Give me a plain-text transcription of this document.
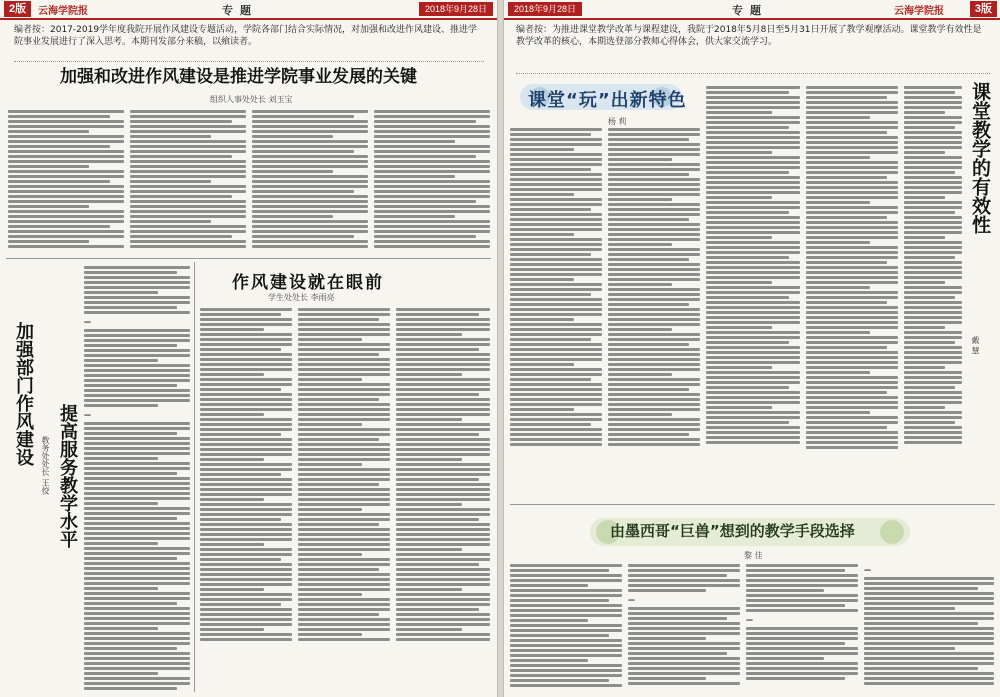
2版	云海学院报	专 题	2018年9月28日
编者按：2017-2019学年度我院开展作风建设专题活动，学院各部门结合实际情况，对加强和改进作风建设、推进学院事业发展进行了深入思考。本期刊发部分来稿，以飨读者。
加强和改进作风建设是推进学院事业发展的关键
组织人事处处长 刘玉宝
加强部门作风建设 教务处处长 王佼 提高服务教学水平
—
—
作风建设就在眼前
学生处处长 李雨亮
2018年9月28日	专 题	云海学院报	3版
编者按：为推进课堂教学改革与课程建设，我院于2018年5月8日至5月31日开展了教学观摩活动。课堂教学有效性是教学改革的核心，本期选登部分教师心得体会，供大家交流学习。
课堂“玩”出新特色
杨 莉	课堂教学的有效性
戴 慧
由墨西哥“巨兽”想到的教学手段选择
黎 佳
—
—
—
